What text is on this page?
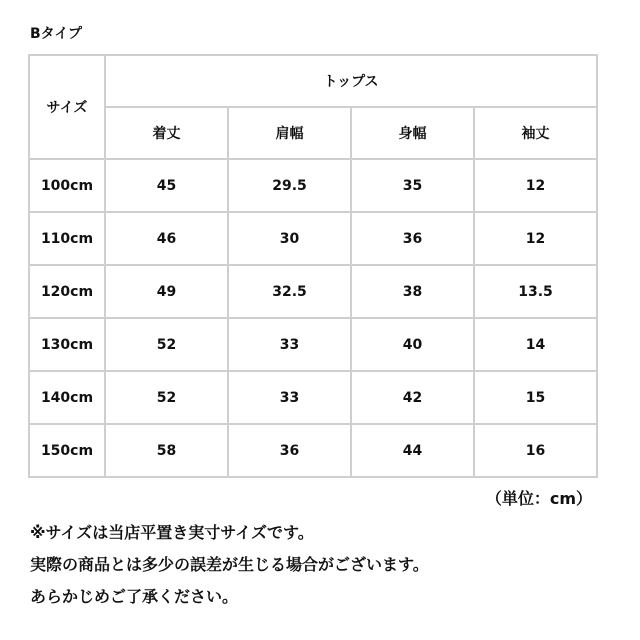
Bタイプ
サイズ	トップス			
	着丈	肩幅	身幅	袖丈
100cm	45	29.5	35	12
110cm	46	30	36	12
120cm	49	32.5	38	13.5
130cm	52	33	40	14
140cm	52	33	42	15
150cm	58	36	44	16
（単位：cm）
※サイズは当店平置き実寸サイズです。
実際の商品とは多少の誤差が生じる場合がございます。
あらかじめご了承ください。
